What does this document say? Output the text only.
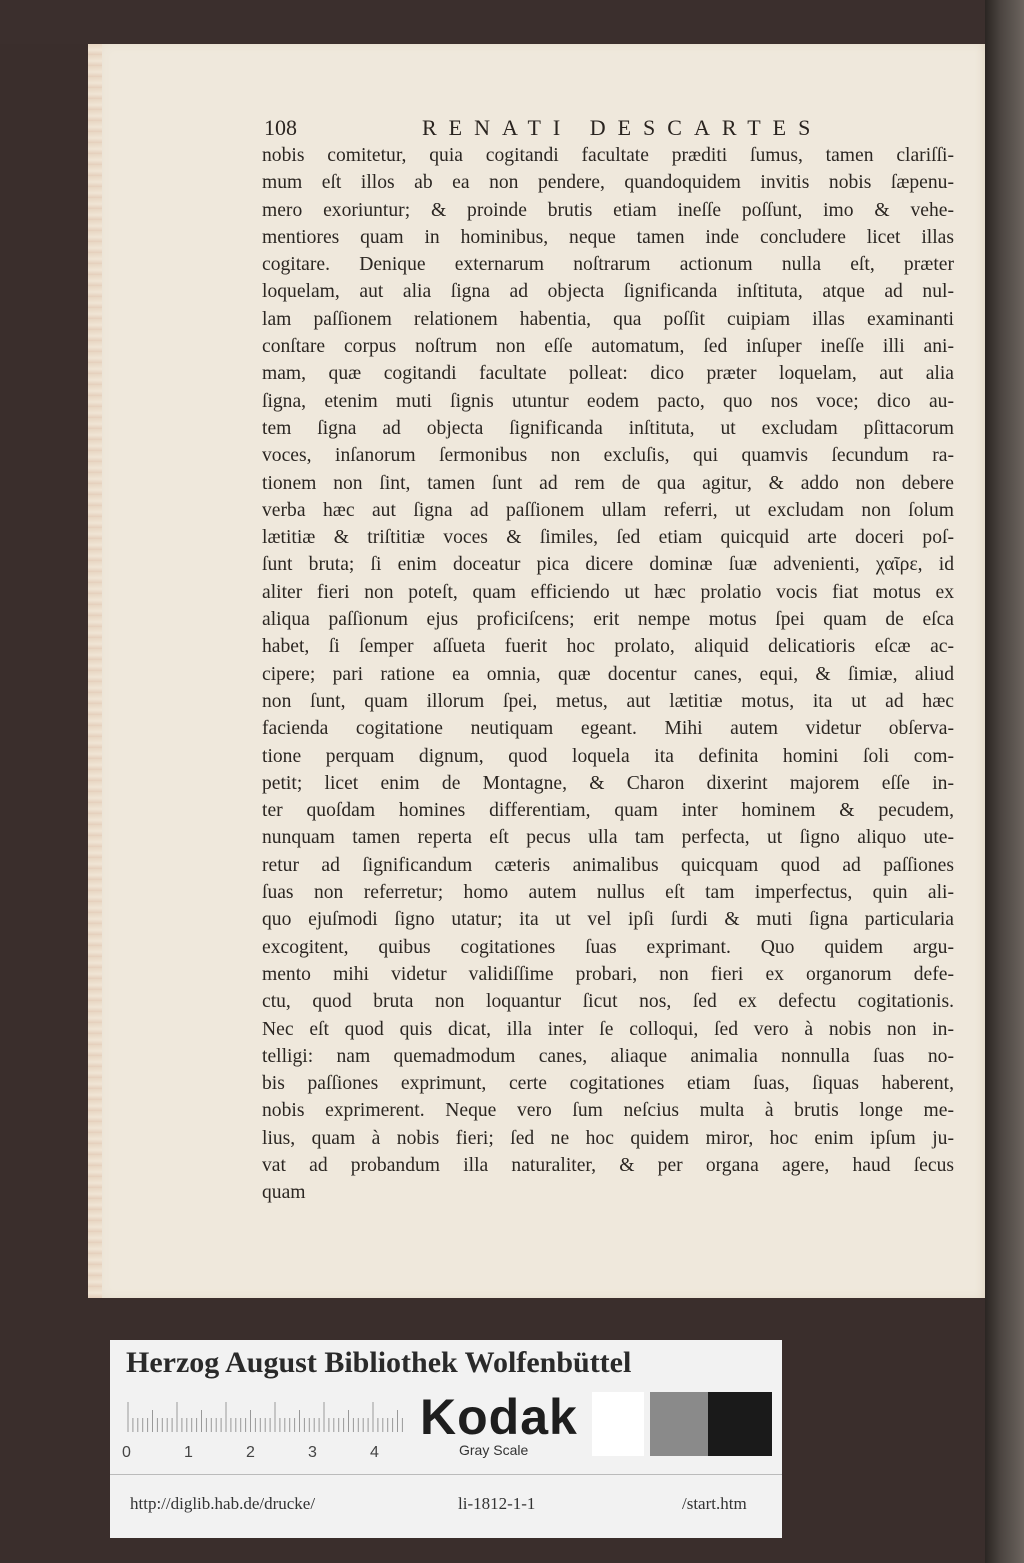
108	RENATI DESCARTES
nobis comitetur, quia cogitandi facultate prӕditi ſumus, tamen clariſſi-
mum eſt illos ab ea non pendere, quandoquidem invitis nobis ſӕpenu-
mero exoriuntur; & proinde brutis etiam ineſſe poſſunt, imo & vehe-
mentiores quam in hominibus, neque tamen inde concludere licet illas
cogitare. Denique externarum noſtrarum actionum nulla eſt, prӕter
loquelam, aut alia ſigna ad objecta ſignificanda inſtituta, atque ad nul-
lam paſſionem relationem habentia, qua poſſit cuipiam illas examinanti
conſtare corpus noſtrum non eſſe automatum, ſed inſuper ineſſe illi ani-
mam, quӕ cogitandi facultate polleat: dico prӕter loquelam, aut alia
ſigna, etenim muti ſignis utuntur eodem pacto, quo nos voce; dico au-
tem ſigna ad objecta ſignificanda inſtituta, ut excludam pſittacorum
voces, inſanorum ſermonibus non excluſis, qui quamvis ſecundum ra-
tionem non ſint, tamen ſunt ad rem de qua agitur, & addo non debere
verba hӕc aut ſigna ad paſſionem ullam referri, ut excludam non ſolum
lӕtitiӕ & triſtitiӕ voces & ſimiles, ſed etiam quicquid arte doceri poſ-
ſunt bruta; ſi enim doceatur pica dicere dominӕ ſuӕ advenienti, χαῖρε, id
aliter fieri non poteſt, quam efficiendo ut hӕc prolatio vocis fiat motus ex
aliqua paſſionum ejus proficiſcens; erit nempe motus ſpei quam de eſca
habet, ſi ſemper aſſueta fuerit hoc prolato, aliquid delicatioris eſcӕ ac-
cipere; pari ratione ea omnia, quӕ docentur canes, equi, & ſimiӕ, aliud
non ſunt, quam illorum ſpei, metus, aut lӕtitiӕ motus, ita ut ad hӕc
facienda cogitatione neutiquam egeant. Mihi autem videtur obſerva-
tione perquam dignum, quod loquela ita definita homini ſoli com-
petit; licet enim de Montagne, & Charon dixerint majorem eſſe in-
ter quoſdam homines differentiam, quam inter hominem & pecudem,
nunquam tamen reperta eſt pecus ulla tam perfecta, ut ſigno aliquo ute-
retur ad ſignificandum cӕteris animalibus quicquam quod ad paſſiones
ſuas non referretur; homo autem nullus eſt tam imperfectus, quin ali-
quo ejuſmodi ſigno utatur; ita ut vel ipſi ſurdi & muti ſigna particularia
excogitent, quibus cogitationes ſuas exprimant. Quo quidem argu-
mento mihi videtur validiſſime probari, non fieri ex organorum defe-
ctu, quod bruta non loquantur ſicut nos, ſed ex defectu cogitationis.
Nec eſt quod quis dicat, illa inter ſe colloqui, ſed vero à nobis non in-
telligi: nam quemadmodum canes, aliaque animalia nonnulla ſuas no-
bis paſſiones exprimunt, certe cogitationes etiam ſuas, ſiquas haberent,
nobis exprimerent. Neque vero ſum neſcius multa à brutis longe me-
lius, quam à nobis fieri; ſed ne hoc quidem miror, hoc enim ipſum ju-
vat ad probandum illa naturaliter, & per organa agere, haud ſecus
quam
Herzog August Bibliothek Wolfenbüttel
0	1	2	3	4
Kodak
Gray Scale
http://diglib.hab.de/drucke/	li-1812-1-1	/start.htm
